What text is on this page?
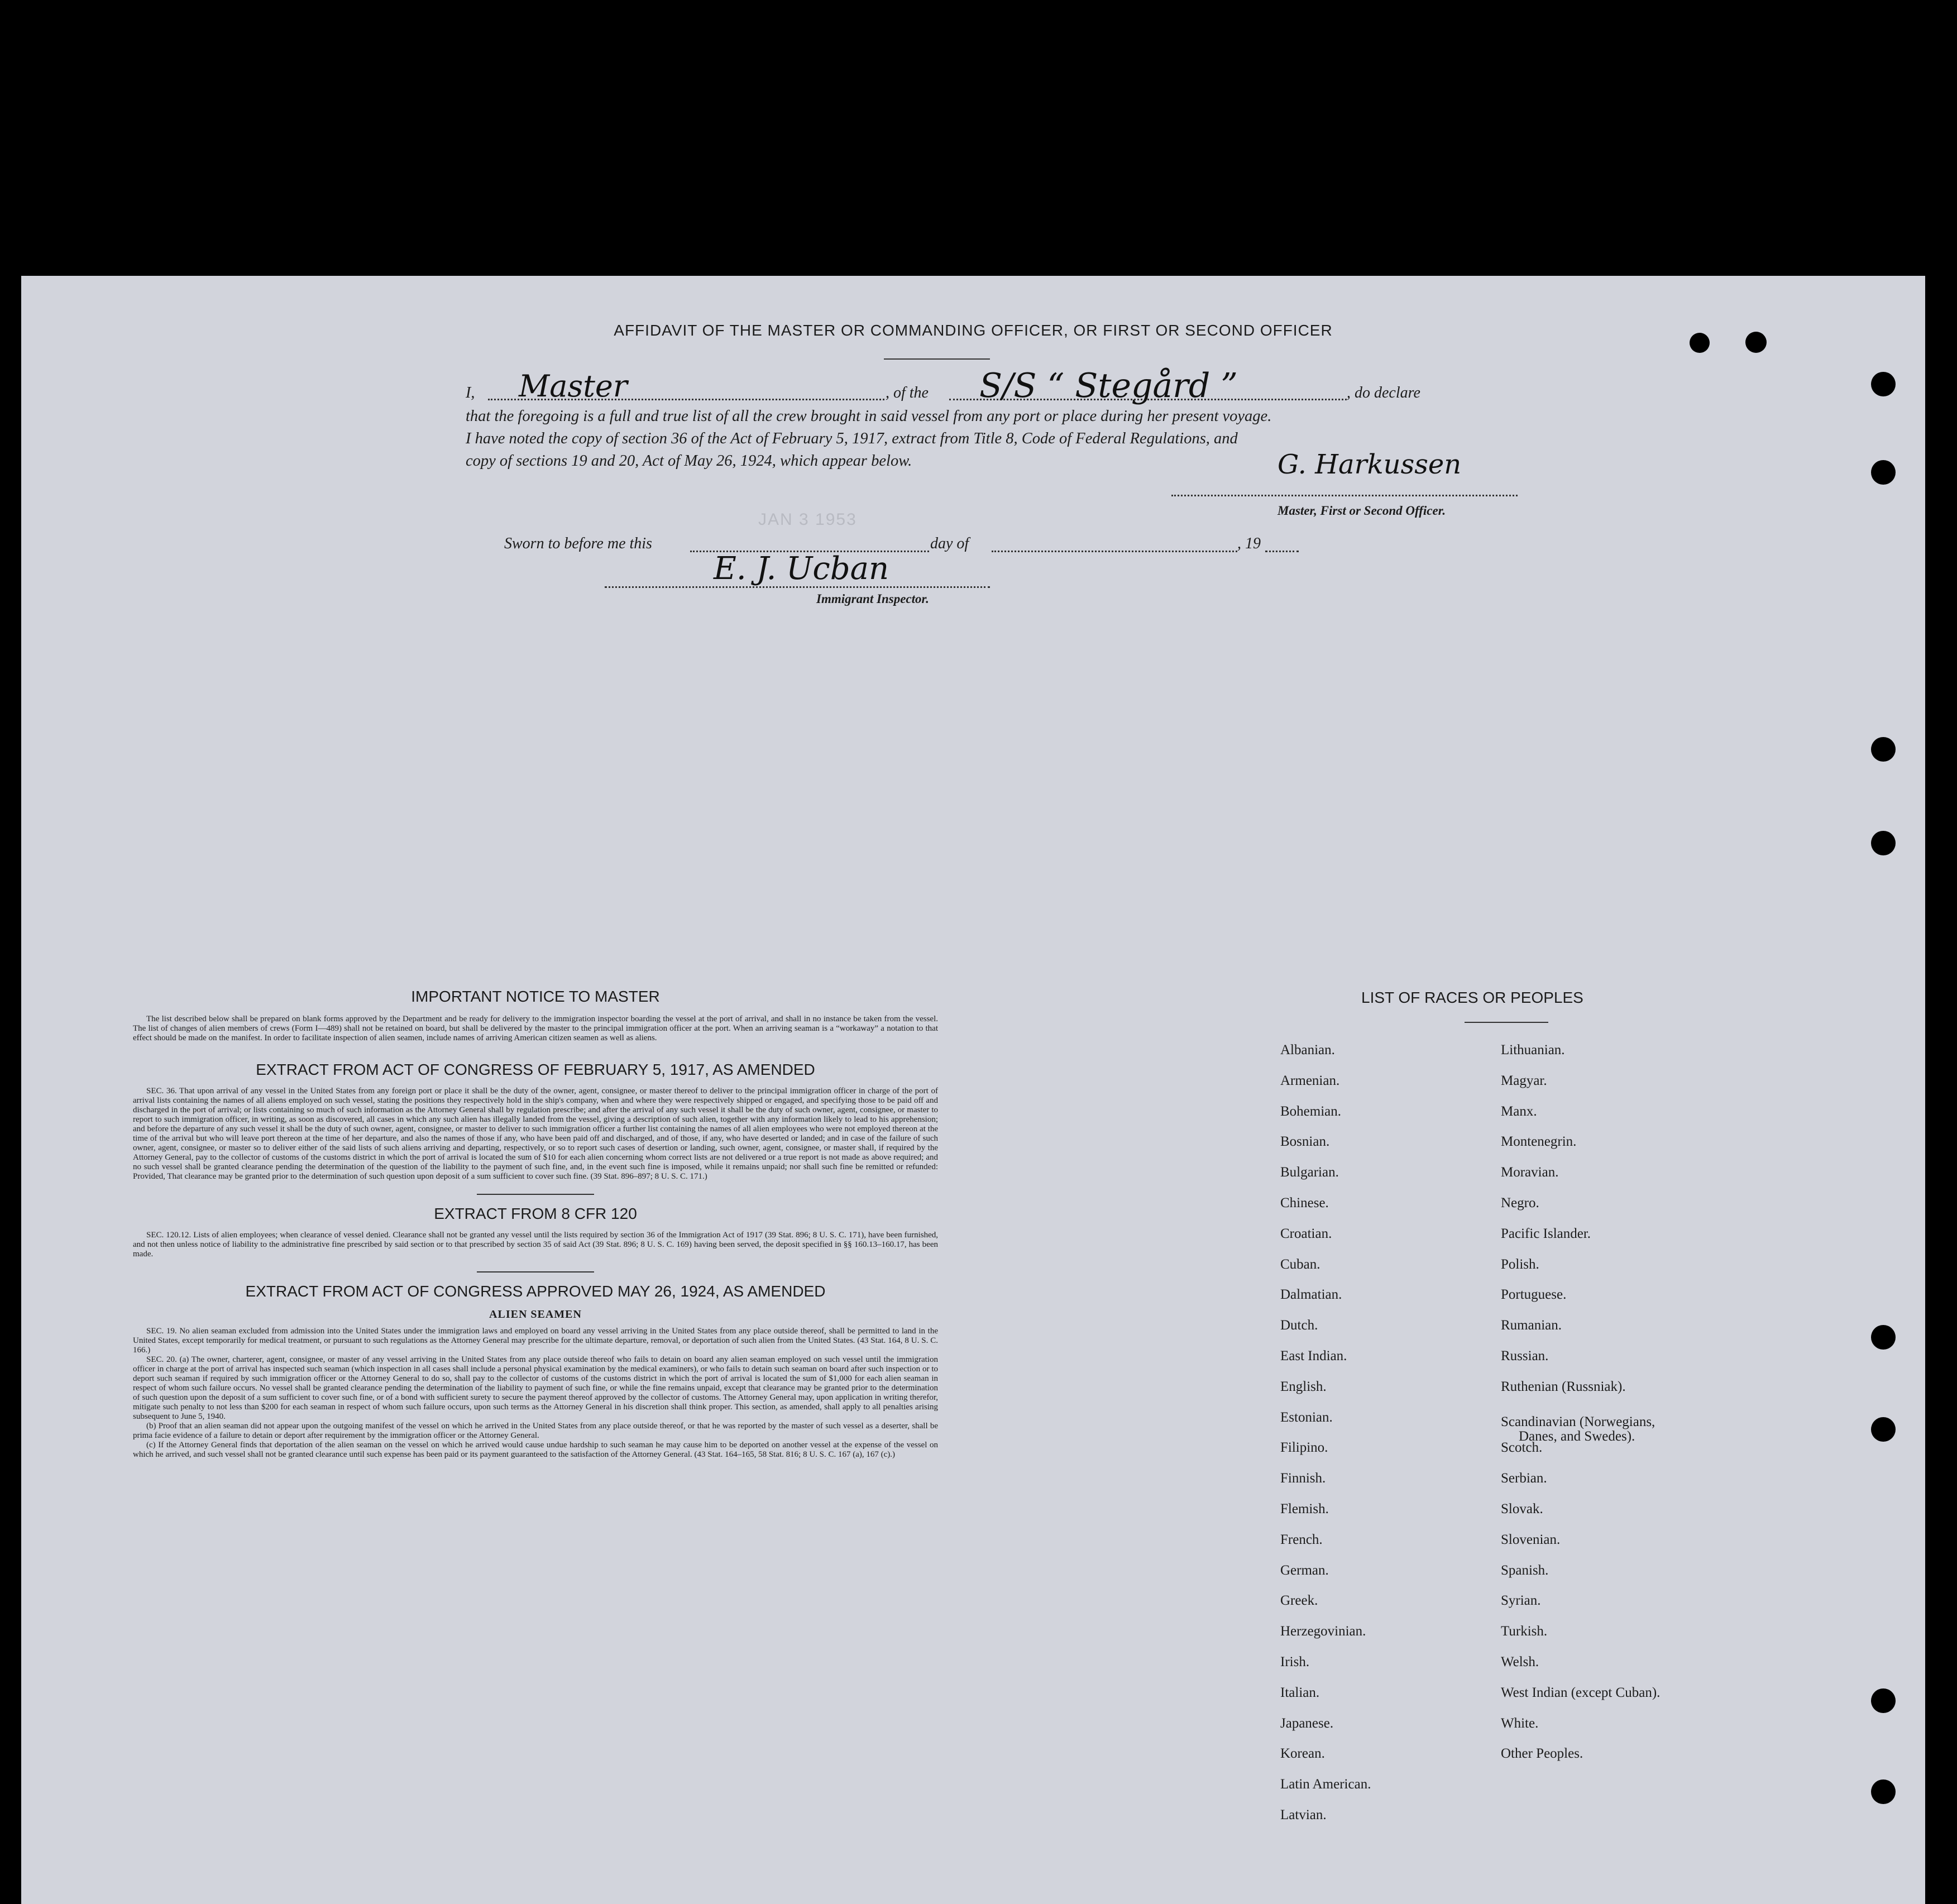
AFFIDAVIT OF THE MASTER OR COMMANDING OFFICER, OR FIRST OR SECOND OFFICER
I, Master	, of the S/S “ Stegård ”	, do declare
that the foregoing is a full and true list of all the crew brought in said vessel from any port or place during her present voyage.
I have noted the copy of section 36 of the Act of February 5, 1917, extract from Title 8, Code of Federal Regulations, and
copy of sections 19 and 20, Act of May 26, 1924, which appear below.	G. Harkussen
Master, First or Second Officer.
Sworn to before me this
JAN 3 1953
day of	, 19
E. J. Ucban
Immigrant Inspector.
IMPORTANT NOTICE TO MASTER
The list described below shall be prepared on blank forms approved by the Department and be ready for delivery to the immigration inspector boarding the vessel at the port of arrival, and shall in no instance be taken from the vessel. The list of changes of alien members of crews (Form I—489) shall not be retained on board, but shall be delivered by the master to the principal immigration officer at the port. When an arriving seaman is a “workaway” a notation to that effect should be made on the manifest. In order to facilitate inspection of alien seamen, include names of arriving American citizen seamen as well as aliens.
EXTRACT FROM ACT OF CONGRESS OF FEBRUARY 5, 1917, AS AMENDED
SEC. 36. That upon arrival of any vessel in the United States from any foreign port or place it shall be the duty of the owner, agent, consignee, or master thereof to deliver to the principal immigration officer in charge of the port of arrival lists containing the names of all aliens employed on such vessel, stating the positions they respectively hold in the ship's company, when and where they were respectively shipped or engaged, and specifying those to be paid off and discharged in the port of arrival; or lists containing so much of such information as the Attorney General shall by regulation prescribe; and after the arrival of any such vessel it shall be the duty of such owner, agent, consignee, or master to report to such immigration officer, in writing, as soon as discovered, all cases in which any such alien has illegally landed from the vessel, giving a description of such alien, together with any information likely to lead to his apprehension; and before the departure of any such vessel it shall be the duty of such owner, agent, consignee, or master to deliver to such immigration officer a further list containing the names of all alien employees who were not employed thereon at the time of the arrival but who will leave port thereon at the time of her departure, and also the names of those if any, who have been paid off and discharged, and of those, if any, who have deserted or landed; and in case of the failure of such owner, agent, consignee, or master so to deliver either of the said lists of such aliens arriving and departing, respectively, or so to report such cases of desertion or landing, such owner, agent, consignee, or master shall, if required by the Attorney General, pay to the collector of customs of the customs district in which the port of arrival is located the sum of $10 for each alien concerning whom correct lists are not delivered or a true report is not made as above required; and no such vessel shall be granted clearance pending the determination of the question of the liability to the payment of such fine, and, in the event such fine is imposed, while it remains unpaid; nor shall such fine be remitted or refunded: Provided, That clearance may be granted prior to the determination of such question upon deposit of a sum sufficient to cover such fine. (39 Stat. 896–897; 8 U. S. C. 171.)
EXTRACT FROM 8 CFR 120
SEC. 120.12. Lists of alien employees; when clearance of vessel denied. Clearance shall not be granted any vessel until the lists required by section 36 of the Immigration Act of 1917 (39 Stat. 896; 8 U. S. C. 171), have been furnished, and not then unless notice of liability to the administrative fine prescribed by said section or to that prescribed by section 35 of said Act (39 Stat. 896; 8 U. S. C. 169) having been served, the deposit specified in §§ 160.13–160.17, has been made.
EXTRACT FROM ACT OF CONGRESS APPROVED MAY 26, 1924, AS AMENDED
ALIEN SEAMEN
SEC. 19. No alien seaman excluded from admission into the United States under the immigration laws and employed on board any vessel arriving in the United States from any place outside thereof, shall be permitted to land in the United States, except temporarily for medical treatment, or pursuant to such regulations as the Attorney General may prescribe for the ultimate departure, removal, or deportation of such alien from the United States. (43 Stat. 164, 8 U. S. C. 166.)
SEC. 20. (a) The owner, charterer, agent, consignee, or master of any vessel arriving in the United States from any place outside thereof who fails to detain on board any alien seaman employed on such vessel until the immigration officer in charge at the port of arrival has inspected such seaman (which inspection in all cases shall include a personal physical examination by the medical examiners), or who fails to detain such seaman on board after such inspection or to deport such seaman if required by such immigration officer or the Attorney General to do so, shall pay to the collector of customs of the customs district in which the port of arrival is located the sum of $1,000 for each alien seaman in respect of whom such failure occurs. No vessel shall be granted clearance pending the determination of the liability to payment of such fine, or while the fine remains unpaid, except that clearance may be granted prior to the determination of such question upon the deposit of a sum sufficient to cover such fine, or of a bond with sufficient surety to secure the payment thereof approved by the collector of customs. The Attorney General may, upon application in writing therefor, mitigate such penalty to not less than $200 for each seaman in respect of whom such failure occurs, upon such terms as the Attorney General in his discretion shall think proper. This section, as amended, shall apply to all penalties arising subsequent to June 5, 1940.
(b) Proof that an alien seaman did not appear upon the outgoing manifest of the vessel on which he arrived in the United States from any place outside thereof, or that he was reported by the master of such vessel as a deserter, shall be prima facie evidence of a failure to detain or deport after requirement by the immigration officer or the Attorney General.
(c) If the Attorney General finds that deportation of the alien seaman on the vessel on which he arrived would cause undue hardship to such seaman he may cause him to be deported on another vessel at the expense of the vessel on which he arrived, and such vessel shall not be granted clearance until such expense has been paid or its payment guaranteed to the satisfaction of the Attorney General. (43 Stat. 164–165, 58 Stat. 816; 8 U. S. C. 167 (a), 167 (c).)
LIST OF RACES OR PEOPLES
Albanian.
Armenian.
Bohemian.
Bosnian.
Bulgarian.
Chinese.
Croatian.
Cuban.
Dalmatian.
Dutch.
East Indian.
English.
Estonian.
Filipino.
Finnish.
Flemish.
French.
German.
Greek.
Herzegovinian.
Irish.
Italian.
Japanese.
Korean.
Latin American.
Latvian.
Lithuanian.
Magyar.
Manx.
Montenegrin.
Moravian.
Negro.
Pacific Islander.
Polish.
Portuguese.
Rumanian.
Russian.
Ruthenian (Russniak).
Scandinavian (Norwegians,
Danes, and Swedes).
Scotch.
Serbian.
Slovak.
Slovenian.
Spanish.
Syrian.
Turkish.
Welsh.
West Indian (except Cuban).
White.
Other Peoples.
